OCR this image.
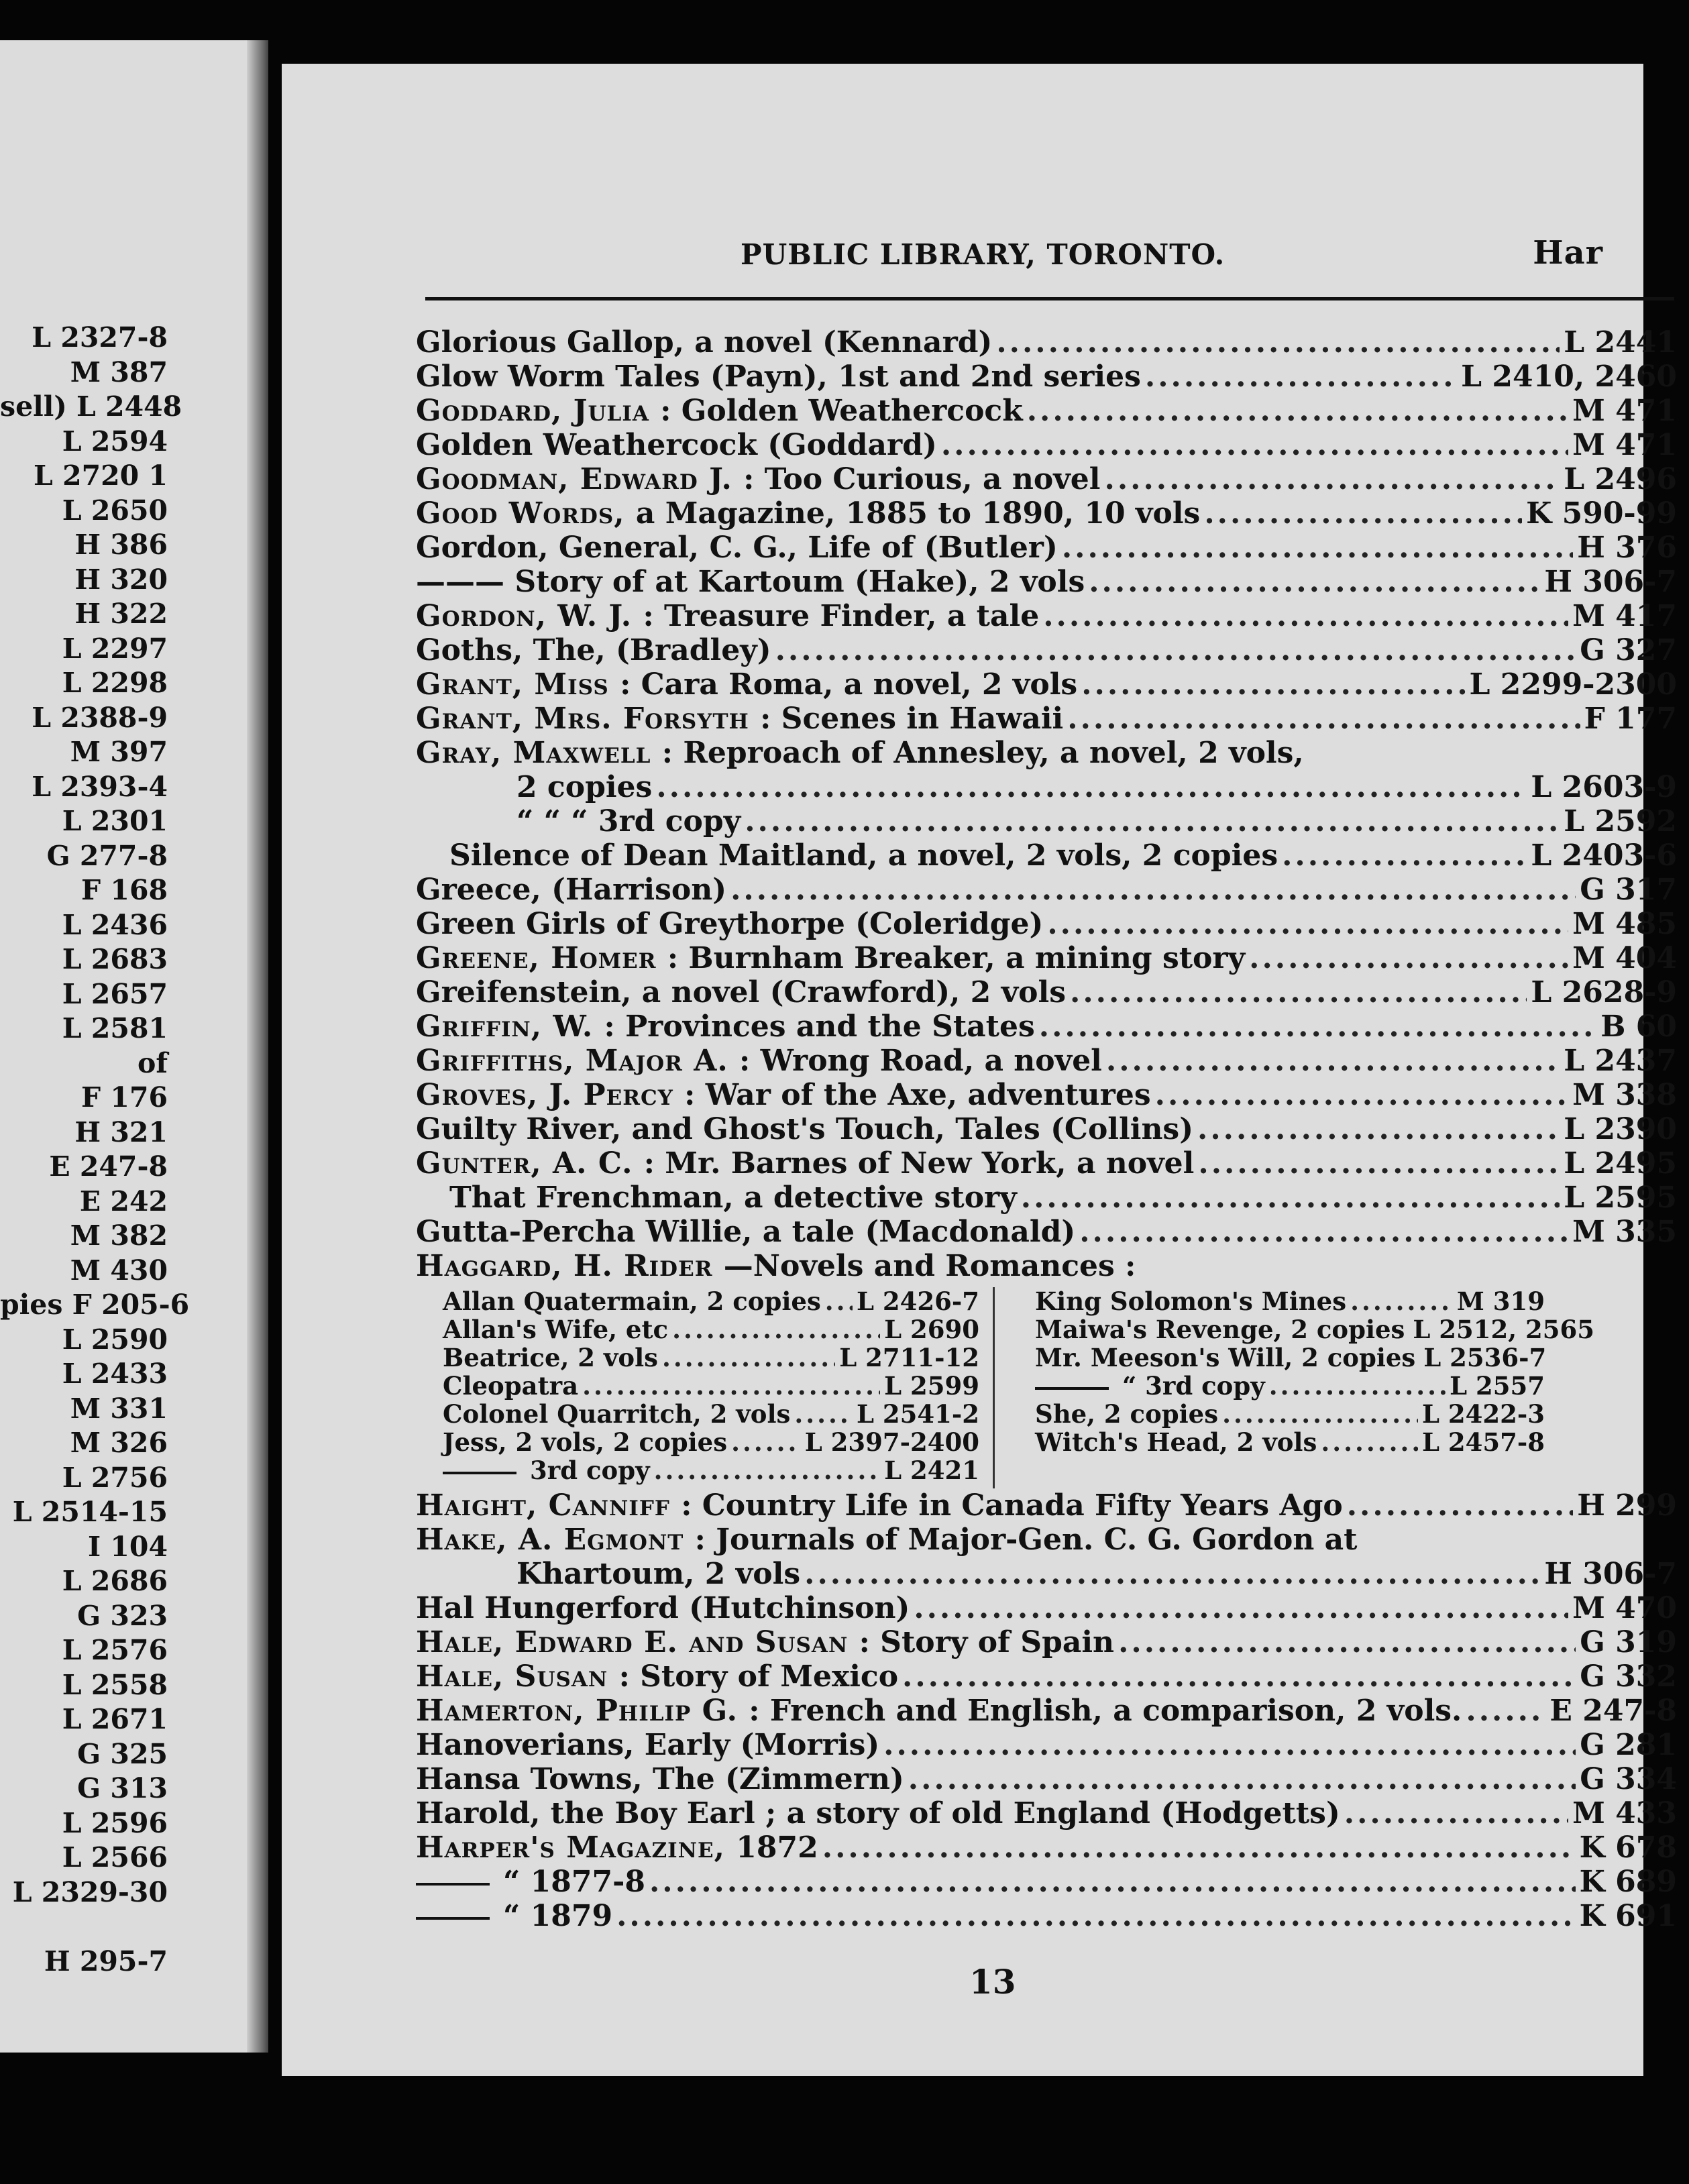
L 2327-8
M 387
sell) L 2448
L 2594
L 2720 1
L 2650
H 386
H 320
H 322
L 2297
L 2298
L 2388-9
M 397
L 2393-4
L 2301
G 277-8
F 168
L 2436
L 2683
L 2657
L 2581
of
F 176
H 321
E 247-8
E 242
M 382
M 430
pies F 205-6
L 2590
L 2433
M 331
M 326
L 2756
L 2514-15
I 104
L 2686
G 323
L 2576
L 2558
L 2671
G 325
G 313
L 2596
L 2566
L 2329-30
H 295-7
PUBLIC LIBRARY, TORONTO.	Har
Glorious Gallop, a novel (Kennard) .....	L 2441
Glow Worm Tales (Payn), 1st and 2nd series .....	L 2410, 2460
Goddard, Julia : Golden Weathercock .....	M 471
Golden Weathercock (Goddard) .....	M 471
Goodman, Edward J. : Too Curious, a novel .....	L 2496
Good Words, a Magazine, 1885 to 1890, 10 vols .....	K 590-99
Gordon, General, C. G., Life of (Butler) .....	H 376
——— Story of at Kartoum (Hake), 2 vols .....	H 306-7
Gordon, W. J. : Treasure Finder, a tale .....	M 417
Goths, The, (Bradley) .....	G 327
Grant, Miss : Cara Roma, a novel, 2 vols .....	L 2299-2300
Grant, Mrs. Forsyth : Scenes in Hawaii .....	F 177
Gray, Maxwell : Reproach of Annesley, a novel, 2 vols,
2 copies .....	L 2603-9
“ “ “ 3rd copy .....	L 2592
Silence of Dean Maitland, a novel, 2 vols, 2 copies .....	L 2403-6
Greece, (Harrison) .....	G 317
Green Girls of Greythorpe (Coleridge) .....	M 485
Greene, Homer : Burnham Breaker, a mining story .....	M 404
Greifenstein, a novel (Crawford), 2 vols .....	L 2628-9
Griffin, W. : Provinces and the States .....	B 60
Griffiths, Major A. : Wrong Road, a novel .....	L 2437
Groves, J. Percy : War of the Axe, adventures .....	M 338
Guilty River, and Ghost's Touch, Tales (Collins) .....	L 2390
Gunter, A. C. : Mr. Barnes of New York, a novel .....	L 2495
That Frenchman, a detective story .....	L 2595
Gutta-Percha Willie, a tale (Macdonald) .....	M 335
Haggard, H. Rider —Novels and Romances :
Allan Quatermain, 2 copies ..... L 2426-7
Allan's Wife, etc .....	L 2690
Beatrice, 2 vols .....	L 2711-12
Cleopatra .....	L 2599
Colonel Quarritch, 2 vols .....	L 2541-2
Jess, 2 vols, 2 copies .....	L 2397-2400
3rd copy .....	L 2421
King Solomon's Mines .....	M 319
Maiwa's Revenge, 2 copies L 2512, 2565
Mr. Meeson's Will, 2 copies L 2536-7
“ 3rd copy .....	L 2557
She, 2 copies .....	L 2422-3
Witch's Head, 2 vols .....	L 2457-8
Haight, Canniff : Country Life in Canada Fifty Years Ago .....	H 299
Hake, A. Egmont : Journals of Major-Gen. C. G. Gordon at
Khartoum, 2 vols .....	H 306-7
Hal Hungerford (Hutchinson) .....	M 470
Hale, Edward E. and Susan : Story of Spain .....	G 319
Hale, Susan : Story of Mexico .....	G 332
Hamerton, Philip G. : French and English, a comparison, 2 vols. .....	E 247-8
Hanoverians, Early (Morris) .....	G 281
Hansa Towns, The (Zimmern) .....	G 334
Harold, the Boy Earl ; a story of old England (Hodgetts) .....	M 433
Harper's Magazine, 1872 .....	K 678
“ 1877-8 .....	K 689
“ 1879 .....	K 691
13
